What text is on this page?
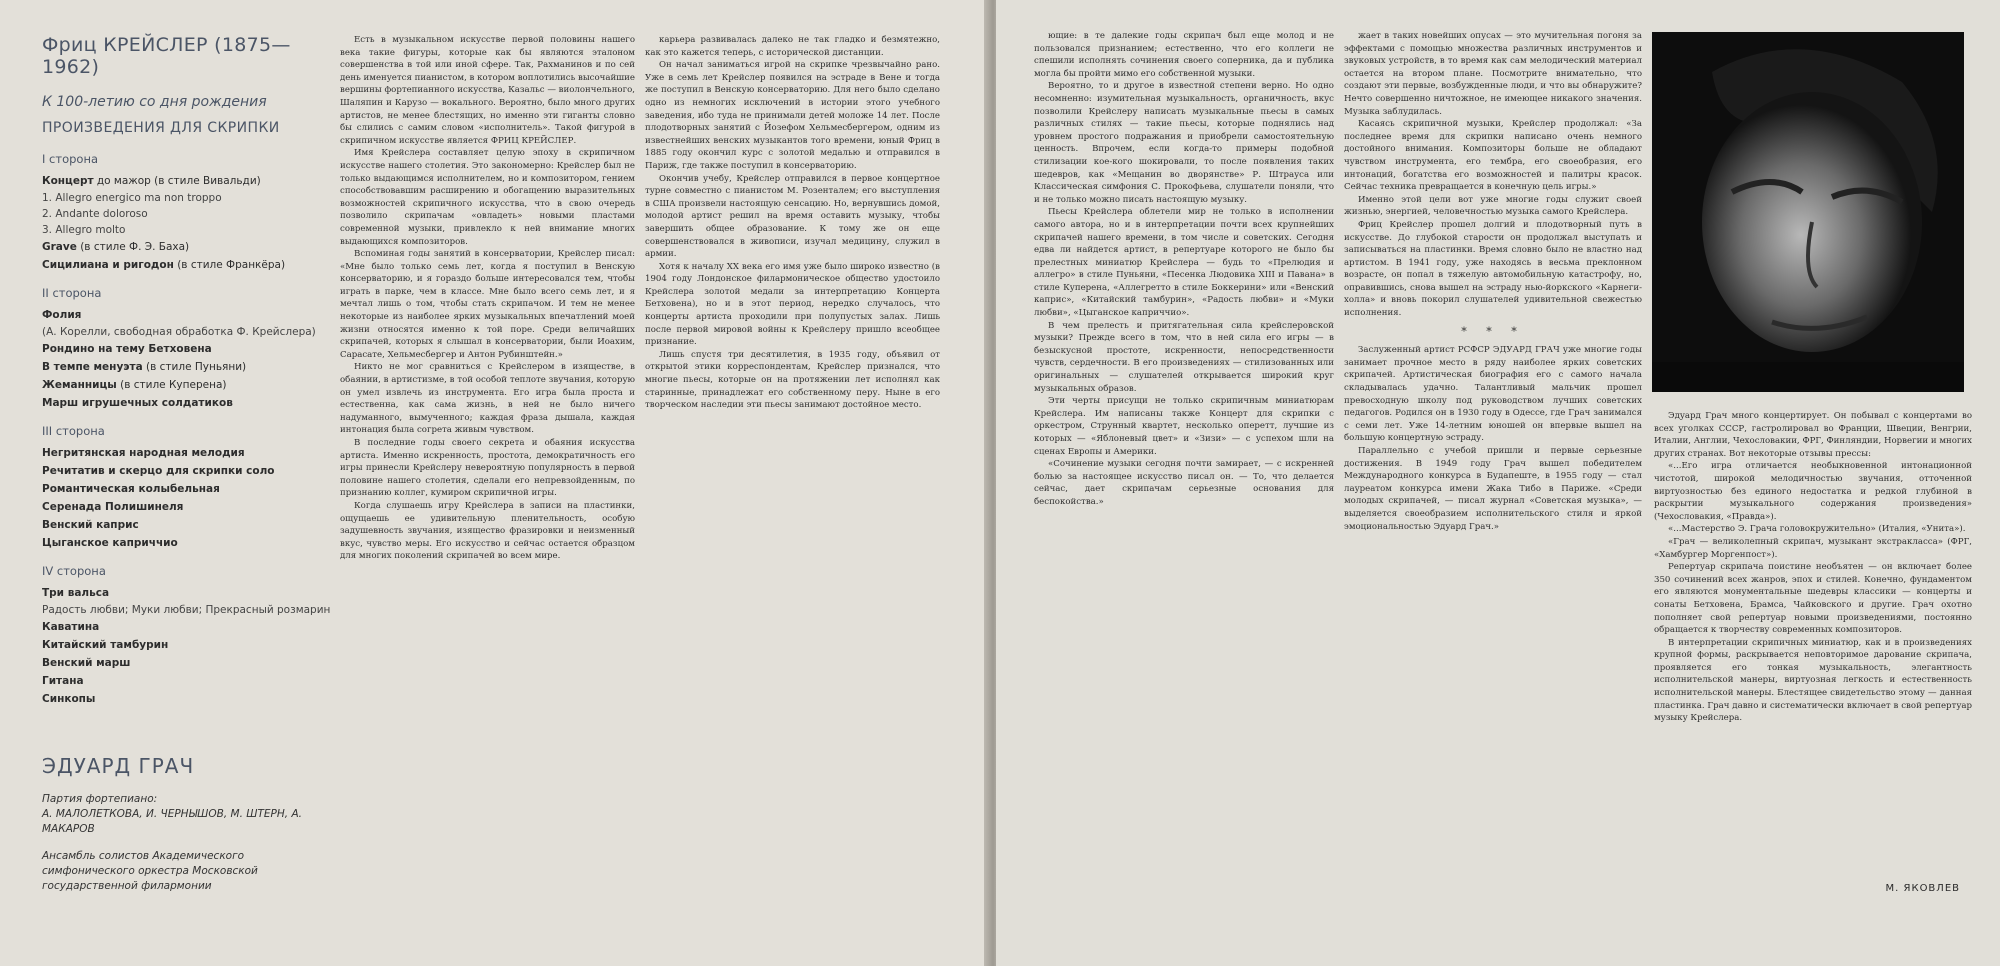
Фриц КРЕЙСЛЕР (1875—1962)
К 100-летию со дня рождения
ПРОИЗВЕДЕНИЯ ДЛЯ СКРИПКИ
I сторона
Концерт до мажор (в стиле Вивальди)
1. Allegro energico ma non troppo
2. Andante doloroso
3. Allegro molto
Grave (в стиле Ф. Э. Баха)
Сицилиана и ригодон (в стиле Франкёра)
II сторона
Фолия
(А. Корелли, свободная обработка Ф. Крейслера)
Рондино на тему Бетховена
В темпе менуэта (в стиле Пуньяни)
Жеманницы (в стиле Куперена)
Марш игрушечных солдатиков
III сторона
Негритянская народная мелодия
Речитатив и скерцо для скрипки соло
Романтическая колыбельная
Серенада Полишинеля
Венский каприс
Цыганское каприччио
IV сторона
Три вальса
Радость любви; Муки любви; Прекрасный розмарин
Каватина
Китайский тамбурин
Венский марш
Гитана
Синкопы
ЭДУАРД ГРАЧ
Партия фортепиано:
А. МАЛОЛЕТКОВА, И. ЧЕРНЫШОВ, М. ШТЕРН, А. МАКАРОВ
Ансамбль солистов Академического симфонического оркестра Московской государственной филармонии

Есть в музыкальном искусстве первой половины нашего века такие фигуры, которые как бы являются эталоном совершенства в той или иной сфере. Так, Рахманинов и по сей день именуется пианистом, в котором воплотились высочайшие вершины фортепианного искусства, Казальс — виолончельного, Шаляпин и Карузо — вокального. Вероятно, было много других артистов, не менее блестящих, но именно эти гиганты словно бы слились с самим словом «исполнитель». Такой фигурой в скрипичном искусстве является ФРИЦ КРЕЙСЛЕР.

Имя Крейслера составляет целую эпоху в скрипичном искусстве нашего столетия. Это закономерно: Крейслер был не только выдающимся исполнителем, но и композитором, гением способствовавшим расширению и обогащению выразительных возможностей скрипичного искусства, что в свою очередь позволило скрипачам «овладеть» новыми пластами современной музыки, привлекло к ней внимание многих выдающихся композиторов.

Вспоминая годы занятий в консерватории, Крейслер писал: «Мне было только семь лет, когда я поступил в Венскую консерваторию, и я гораздо больше интересовался тем, чтобы играть в парке, чем в классе. Мне было всего семь лет, и я мечтал лишь о том, чтобы стать скрипачом. И тем не менее некоторые из наиболее ярких музыкальных впечатлений моей жизни относятся именно к той поре. Среди величайших скрипачей, которых я слышал в консерватории, были Иоахим, Сарасате, Хельмесбергер и Антон Рубинштейн.»

Никто не мог сравниться с Крейслером в изяществе, в обаянии, в артистизме, в той особой теплоте звучания, которую он умел извлечь из инструмента. Его игра была проста и естественна, как сама жизнь, в ней не было ничего надуманного, вымученного; каждая фраза дышала, каждая интонация была согрета живым чувством.

В последние годы своего секрета и обаяния искусства артиста. Именно искренность, простота, демократичность его игры принесли Крейслеру невероятную популярность в первой половине нашего столетия, сделали его непревзойденным, по признанию коллег, кумиром скрипичной игры.

Когда слушаешь игру Крейслера в записи на пластинки, ощущаешь ее удивительную пленительность, особую задушевность звучания, изящество фразировки и неизменный вкус, чувство меры. Его искусство и сейчас остается образцом для многих поколений скрипачей во всем мире.

карьера развивалась далеко не так гладко и безмятежно, как это кажется теперь, с исторической дистанции.

Он начал заниматься игрой на скрипке чрезвычайно рано. Уже в семь лет Крейслер появился на эстраде в Вене и тогда же поступил в Венскую консерваторию. Для него было сделано одно из немногих исключений в истории этого учебного заведения, ибо туда не принимали детей моложе 14 лет. После плодотворных занятий с Йозефом Хельмесбергером, одним из известнейших венских музыкантов того времени, юный Фриц в 1885 году окончил курс с золотой медалью и отправился в Париж, где также поступил в консерваторию.

Окончив учебу, Крейслер отправился в первое концертное турне совместно с пианистом М. Розенталем; его выступления в США произвели настоящую сенсацию. Но, вернувшись домой, молодой артист решил на время оставить музыку, чтобы завершить общее образование. К тому же он еще совершенствовался в живописи, изучал медицину, служил в армии.

Хотя к началу XX века его имя уже было широко известно (в 1904 году Лондонское филармоническое общество удостоило Крейслера золотой медали за интерпретацию Концерта Бетховена), но и в этот период, нередко случалось, что концерты артиста проходили при полупустых залах. Лишь после первой мировой войны к Крейслеру пришло всеобщее признание.

Лишь спустя три десятилетия, в 1935 году, объявил от открытой этики корреспондентам, Крейслер признался, что многие пьесы, которые он на протяжении лет исполнял как старинные, принадлежат его собственному перу. Ныне в его творческом наследии эти пьесы занимают достойное место.

ющие: в те далекие годы скрипач был еще молод и не пользовался признанием; естественно, что его коллеги не спешили исполнять сочинения своего соперника, да и публика могла бы пройти мимо его собственной музыки.

Вероятно, то и другое в известной степени верно. Но одно несомненно: изумительная музыкальность, органичность, вкус позволили Крейслеру написать музыкальные пьесы в самых различных стилях — такие пьесы, которые поднялись над уровнем простого подражания и приобрели самостоятельную ценность. Впрочем, если когда-то примеры подобной стилизации кое-кого шокировали, то после появления таких шедевров, как «Мещанин во дворянстве» Р. Штрауса или Классическая симфония С. Прокофьева, слушатели поняли, что и не только можно писать настоящую музыку.

Пьесы Крейслера облетели мир не только в исполнении самого автора, но и в интерпретации почти всех крупнейших скрипачей нашего времени, в том числе и советских. Сегодня едва ли найдется артист, в репертуаре которого не было бы прелестных миниатюр Крейслера — будь то «Прелюдия и аллегро» в стиле Пуньяни, «Песенка Людовика XIII и Павана» в стиле Куперена, «Аллегретто в стиле Боккерини» или «Венский каприс», «Китайский тамбурин», «Радость любви» и «Муки любви», «Цыганское каприччио».

В чем прелесть и притягательная сила крейслеровской музыки? Прежде всего в том, что в ней сила его игры — в безыскусной простоте, искренности, непосредственности чувств, сердечности. В его произведениях — стилизованных или оригинальных — слушателей открывается широкий круг музыкальных образов.

Эти черты присущи не только скрипичным миниатюрам Крейслера. Им написаны также Концерт для скрипки с оркестром, Струнный квартет, несколько оперетт, лучшие из которых — «Яблоневый цвет» и «Зизи» — с успехом шли на сценах Европы и Америки.

«Сочинение музыки сегодня почти замирает, — с искренней болью за настоящее искусство писал он. — То, что делается сейчас, дает скрипачам серьезные основания для беспокойства.»

жает в таких новейших опусах — это мучительная погоня за эффектами с помощью множества различных инструментов и звуковых устройств, в то время как сам мелодический материал остается на втором плане. Посмотрите внимательно, что создают эти первые, возбужденные люди, и что вы обнаружите? Нечто совершенно ничтожное, не имеющее никакого значения. Музыка заблудилась.

Касаясь скрипичной музыки, Крейслер продолжал: «За последнее время для скрипки написано очень немного достойного внимания. Композиторы больше не обладают чувством инструмента, его тембра, его своеобразия, его интонаций, богатства его возможностей и палитры красок. Сейчас техника превращается в конечную цель игры.»

Именно этой цели вот уже многие годы служит своей жизнью, энергией, человечностью музыка самого Крейслера.

Фриц Крейслер прошел долгий и плодотворный путь в искусстве. До глубокой старости он продолжал выступать и записываться на пластинки. Время словно было не властно над артистом. В 1941 году, уже находясь в весьма преклонном возрасте, он попал в тяжелую автомобильную катастрофу, но, оправившись, снова вышел на эстраду нью-йоркского «Карнеги-холла» и вновь покорил слушателей удивительной свежестью исполнения.

* * *

Заслуженный артист РСФСР ЭДУАРД ГРАЧ уже многие годы занимает прочное место в ряду наиболее ярких советских скрипачей. Артистическая биография его с самого начала складывалась удачно. Талантливый мальчик прошел превосходную школу под руководством лучших советских педагогов. Родился он в 1930 году в Одессе, где Грач занимался с семи лет. Уже 14-летним юношей он впервые вышел на большую концертную эстраду.

Параллельно с учебой пришли и первые серьезные достижения. В 1949 году Грач вышел победителем Международного конкурса в Будапеште, в 1955 году — стал лауреатом конкурса имени Жака Тибо в Париже. «Среди молодых скрипачей, — писал журнал «Советская музыка», — выделяется своеобразием исполнительского стиля и яркой эмоциональностью Эдуард Грач.»

Эдуард Грач много концертирует. Он побывал с концертами во всех уголках СССР, гастролировал во Франции, Швеции, Венгрии, Италии, Англии, Чехословакии, ФРГ, Финляндии, Норвегии и многих других странах. Вот некоторые отзывы прессы:

«...Его игра отличается необыкновенной интонационной чистотой, широкой мелодичностью звучания, отточенной виртуозностью без единого недостатка и редкой глубиной в раскрытии музыкального содержания произведения» (Чехословакия, «Правда»).

«...Мастерство Э. Грача головокружительно» (Италия, «Унита»).

«Грач — великолепный скрипач, музыкант экстракласса» (ФРГ, «Хамбургер Моргенпост»).

Репертуар скрипача поистине необъятен — он включает более 350 сочинений всех жанров, эпох и стилей. Конечно, фундаментом его являются монументальные шедевры классики — концерты и сонаты Бетховена, Брамса, Чайковского и другие. Грач охотно пополняет свой репертуар новыми произведениями, постоянно обращается к творчеству современных композиторов.

В интерпретации скрипичных миниатюр, как и в произведениях крупной формы, раскрывается неповторимое дарование скрипача, проявляется его тонкая музыкальность, элегантность исполнительской манеры, виртуозная легкость и естественность исполнительской манеры. Блестящее свидетельство этому — данная пластинка. Грач давно и систематически включает в свой репертуар музыку Крейслера.

М. ЯКОВЛЕВ
